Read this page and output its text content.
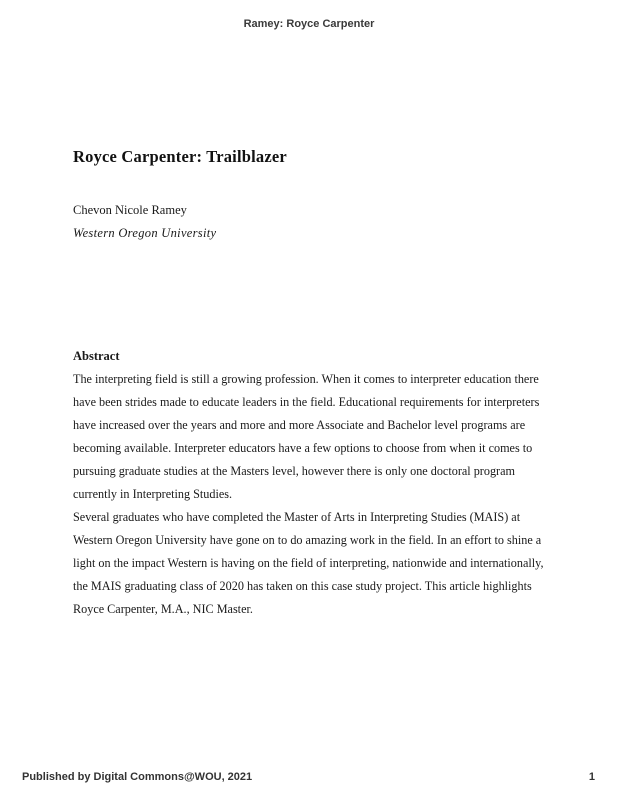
Ramey: Royce Carpenter
Royce Carpenter: Trailblazer
Chevon Nicole Ramey
Western Oregon University
Abstract

The interpreting field is still a growing profession. When it comes to interpreter education there have been strides made to educate leaders in the field. Educational requirements for interpreters have increased over the years and more and more Associate and Bachelor level programs are becoming available. Interpreter educators have a few options to choose from when it comes to pursuing graduate studies at the Masters level, however there is only one doctoral program currently in Interpreting Studies.

Several graduates who have completed the Master of Arts in Interpreting Studies (MAIS) at Western Oregon University have gone on to do amazing work in the field. In an effort to shine a light on the impact Western is having on the field of interpreting, nationwide and internationally, the MAIS graduating class of 2020 has taken on this case study project. This article highlights Royce Carpenter, M.A., NIC Master.

Published by Digital Commons@WOU, 2021	1
